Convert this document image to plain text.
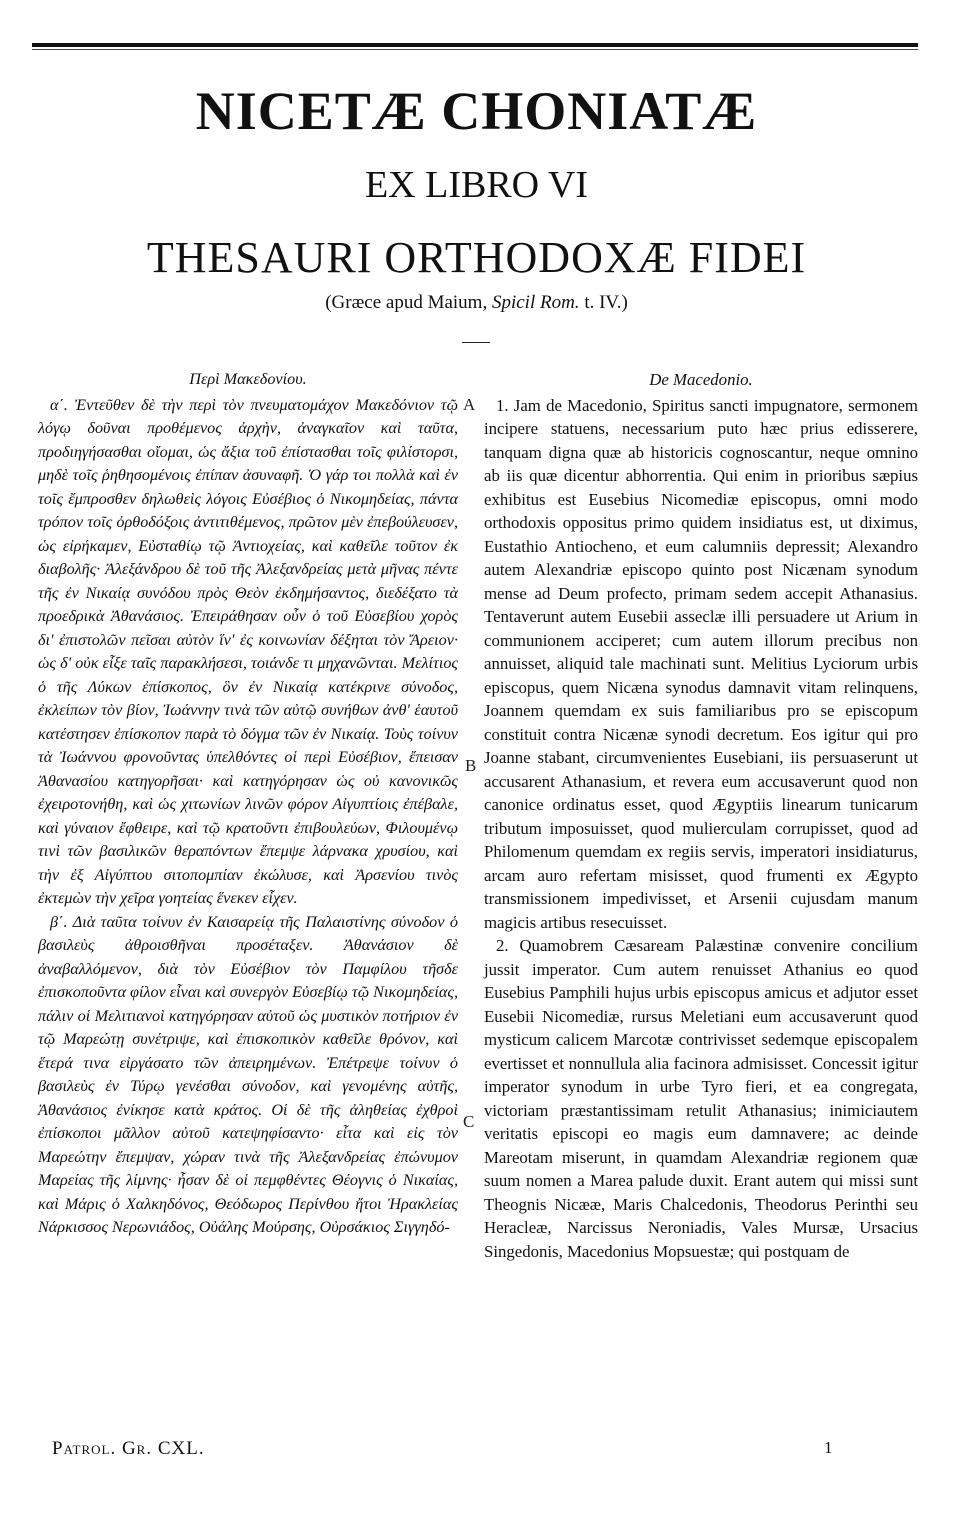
NICETÆ CHONIATÆ
EX LIBRO VI
THESAURI ORTHODOXÆ FIDEI
(Græce apud Maium, Spicil Rom. t. IV.)
Περὶ Μακεδονίου.

α΄. Ἐντεῦθεν δὲ τὴν περὶ τὸν πνευματομάχον Μακεδόνιον τῷ λόγῳ δοῦναι προθέμενος ἀρχὴν, ἀναγκαῖον καὶ ταῦτα, προδιηγήσασθαι οἴομαι, ὡς ἄξια τοῦ ἐπίστασθαι τοῖς φιλίστορσι, μηδὲ τοῖς ῥηθησομένοις ἐπίπαν ἀσυναφῆ. Ὁ γάρ τοι πολλὰ καὶ ἐν τοῖς ἔμπροσθεν δηλωθεὶς λόγοις Εὐσέβιος ὁ Νικομηδείας, πάντα τρόπον τοῖς ὀρθοδόξοις ἀντιτιθέμενος, πρῶτον μὲν ἐπεβούλευσεν, ὡς εἰρήκαμεν, Εὐσταθίῳ τῷ Ἀντιοχείας, καὶ καθεῖλε τοῦτον ἐκ διαβολῆς· Ἀλεξάνδρου δὲ τοῦ τῆς Ἀλεξανδρείας μετὰ μῆνας πέντε τῆς ἐν Νικαίᾳ συνόδου πρὸς Θεὸν ἐκδημήσαντος, διεδέξατο τὰ προεδρικὰ Ἀθανάσιος. Ἐπειράθησαν οὖν ὁ τοῦ Εὐσεβίου χορὸς δι' ἐπιστολῶν πεῖσαι αὐτὸν ἵν' ἐς κοινωνίαν δέξηται τὸν Ἄρειον· ὡς δ' οὐκ εἶξε ταῖς παρακλήσεσι, τοιάνδε τι μηχανῶνται. Μελίτιος ὁ τῆς Λύκων ἐπίσκοπος, ὃν ἐν Νικαίᾳ κατέκρινε σύνοδος, ἐκλείπων τὸν βίον, Ἰωάννην τινὰ τῶν αὐτῷ συνήθων ἀνθ' ἑαυτοῦ κατέστησεν ἐπίσκοπον παρὰ τὸ δόγμα τῶν ἐν Νικαίᾳ. Τοὺς τοίνυν τὰ Ἰωάννου φρονοῦντας ὑπελθόντες οἱ περὶ Εὐσέβιον, ἔπεισαν Ἀθανασίου κατηγορῆσαι· καὶ κατηγόρησαν ὡς οὐ κανονικῶς ἐχειροτονήθη, καὶ ὡς χιτωνίων λινῶν φόρον Αἰγυπτίοις ἐπέβαλε, καὶ γύναιον ἔφθειρε, καὶ τῷ κρατοῦντι ἐπιβουλεύων, Φιλουμένῳ τινὶ τῶν βασιλικῶν θεραπόντων ἔπεμψε λάρνακα χρυσίου, καὶ τὴν ἐξ Αἰγύπτου σιτοπομπίαν ἐκώλυσε, καὶ Ἀρσενίου τινὸς ἐκτεμὼν τὴν χεῖρα γοητείας ἕνεκεν εἶχεν.

β΄. Διὰ ταῦτα τοίνυν ἐν Καισαρείᾳ τῆς Παλαιστίνης σύνοδον ὁ βασιλεὺς ἀθροισθῆναι προσέταξεν. Ἀθανάσιον δὲ ἀναβαλλόμενον, διὰ τὸν Εὐσέβιον τὸν Παμφίλου τῆσδε ἐπισκοποῦντα φίλον εἶναι καὶ συνεργὸν Εὐσεβίῳ τῷ Νικομηδείας, πάλιν οἱ Μελιτιανοὶ κατηγόρησαν αὐτοῦ ὡς μυστικὸν ποτήριον ἐν τῷ Μαρεώτῃ συνέτριψε, καὶ ἐπισκοπικὸν καθεῖλε θρόνον, καὶ ἕτερά τινα εἰργάσατο τῶν ἀπειρημένων. Ἐπέτρεψε τοίνυν ὁ βασιλεὺς ἐν Τύρῳ γενέσθαι σύνοδον, καὶ γενομένης αὐτῆς, Ἀθανάσιος ἐνίκησε κατὰ κράτος. Οἱ δὲ τῆς ἀληθείας ἐχθροὶ ἐπίσκοποι μᾶλλον αὐτοῦ κατεψηφίσαντο· εἶτα καὶ εἰς τὸν Μαρεώτην ἔπεμψαν, χώραν τινὰ τῆς Ἀλεξανδρείας ἐπώνυμον Μαρείας τῆς λίμνης· ἦσαν δὲ οἱ πεμφθέντες Θέογνις ὁ Νικαίας, καὶ Μάρις ὁ Χαλκηδόνος, Θεόδωρος Περίνθου ἤτοι Ἡρακλείας Νάρκισσος Νερωνιάδος, Οὐάλης Μούρσης, Οὐρσάκιος Σιγγηδό-

A
B
C
De Macedonio.

1. Jam de Macedonio, Spiritus sancti impugnatore, sermonem incipere statuens, necessarium puto hæc prius edisserere, tanquam digna quæ ab historicis cognoscantur, neque omnino ab iis quæ dicentur abhorrentia. Qui enim in prioribus sæpius exhibitus est Eusebius Nicomediæ episcopus, omni modo orthodoxis oppositus primo quidem insidiatus est, ut diximus, Eustathio Antiocheno, et eum calumniis depressit; Alexandro autem Alexandriæ episcopo quinto post Nicænam synodum mense ad Deum profecto, primam sedem accepit Athanasius. Tentaverunt autem Eusebii asseclæ illi persuadere ut Arium in communionem acciperet; cum autem illorum precibus non annuisset, aliquid tale machinati sunt. Melitius Lyciorum urbis episcopus, quem Nicæna synodus damnavit vitam relinquens, Joannem quemdam ex suis familiaribus pro se episcopum constituit contra Nicænæ synodi decretum. Eos igitur qui pro Joanne stabant, circumvenientes Eusebiani, iis persuaserunt ut accusarent Athanasium, et revera eum accusaverunt quod non canonice ordinatus esset, quod Ægyptiis linearum tunicarum tributum imposuisset, quod mulierculam corrupisset, quod ad Philomenum quemdam ex regiis servis, imperatori insidiaturus, arcam auro refertam misisset, quod frumenti ex Ægypto transmissionem impedivisset, et Arsenii cujusdam manum magicis artibus resecuisset.

2. Quamobrem Cæsaream Palæstinæ convenire concilium jussit imperator. Cum autem renuisset Athanius eo quod Eusebius Pamphili hujus urbis episcopus amicus et adjutor esset Eusebii Nicomediæ, rursus Meletiani eum accusaverunt quod mysticum calicem Marcotæ contrivisset sedemque episcopalem evertisset et nonnullula alia facinora admisisset. Concessit igitur imperator synodum in urbe Tyro fieri, et ea congregata, victoriam præstantissimam retulit Athanasius; inimiciautem veritatis episcopi eo magis eum damnavere; ac deinde Mareotam miserunt, in quamdam Alexandriæ regionem quæ suum nomen a Marea palude duxit. Erant autem qui missi sunt Theognis Nicææ, Maris Chalcedonis, Theodorus Perinthi seu Heracleæ, Narcissus Neroniadis, Vales Mursæ, Ursacius Singedonis, Macedonius Mopsuestæ; qui postquam de

Patrol. Gr. CXL.	1
